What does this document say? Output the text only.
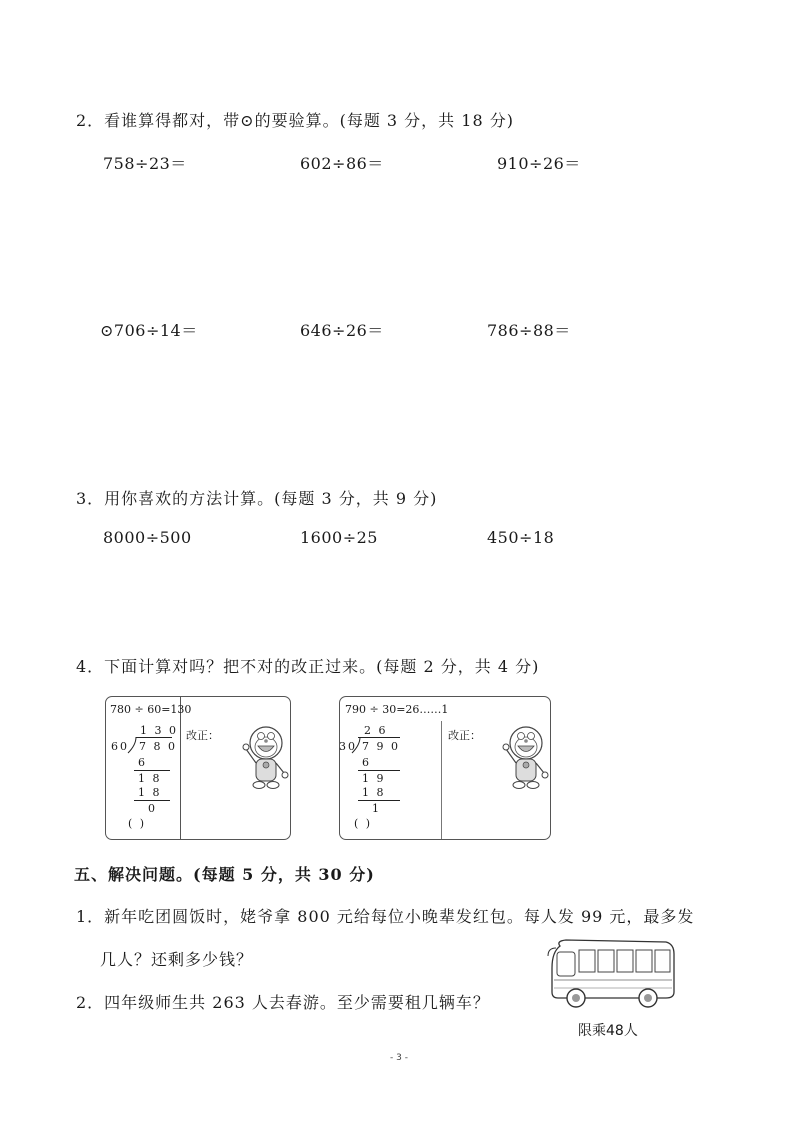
2．看谁算得都对，带⊙的要验算。(每题 3 分，共 18 分)
758÷23＝	602÷86＝	910÷26＝
⊙706÷14＝	646÷26＝	786÷88＝
3．用你喜欢的方法计算。(每题 3 分，共 9 分)
8000÷500	1600÷25	450÷18
4．下面计算对吗？把不对的改正过来。(每题 2 分，共 4 分)
780 ÷ 60=130
1 3 0
60 7 8 0
6
1 8
1 8
0
( )
改正：
790 ÷ 30=26……1
2 6
30 7 9 0
6
1 9
1 8
1
( )
改正：
五、解决问题。(每题 5 分，共 30 分)
1．新年吃团圆饭时，姥爷拿 800 元给每位小晚辈发红包。每人发 99 元，最多发
几人？还剩多少钱？
2．四年级师生共 263 人去春游。至少需要租几辆车？
限乘48人
- 3 -
